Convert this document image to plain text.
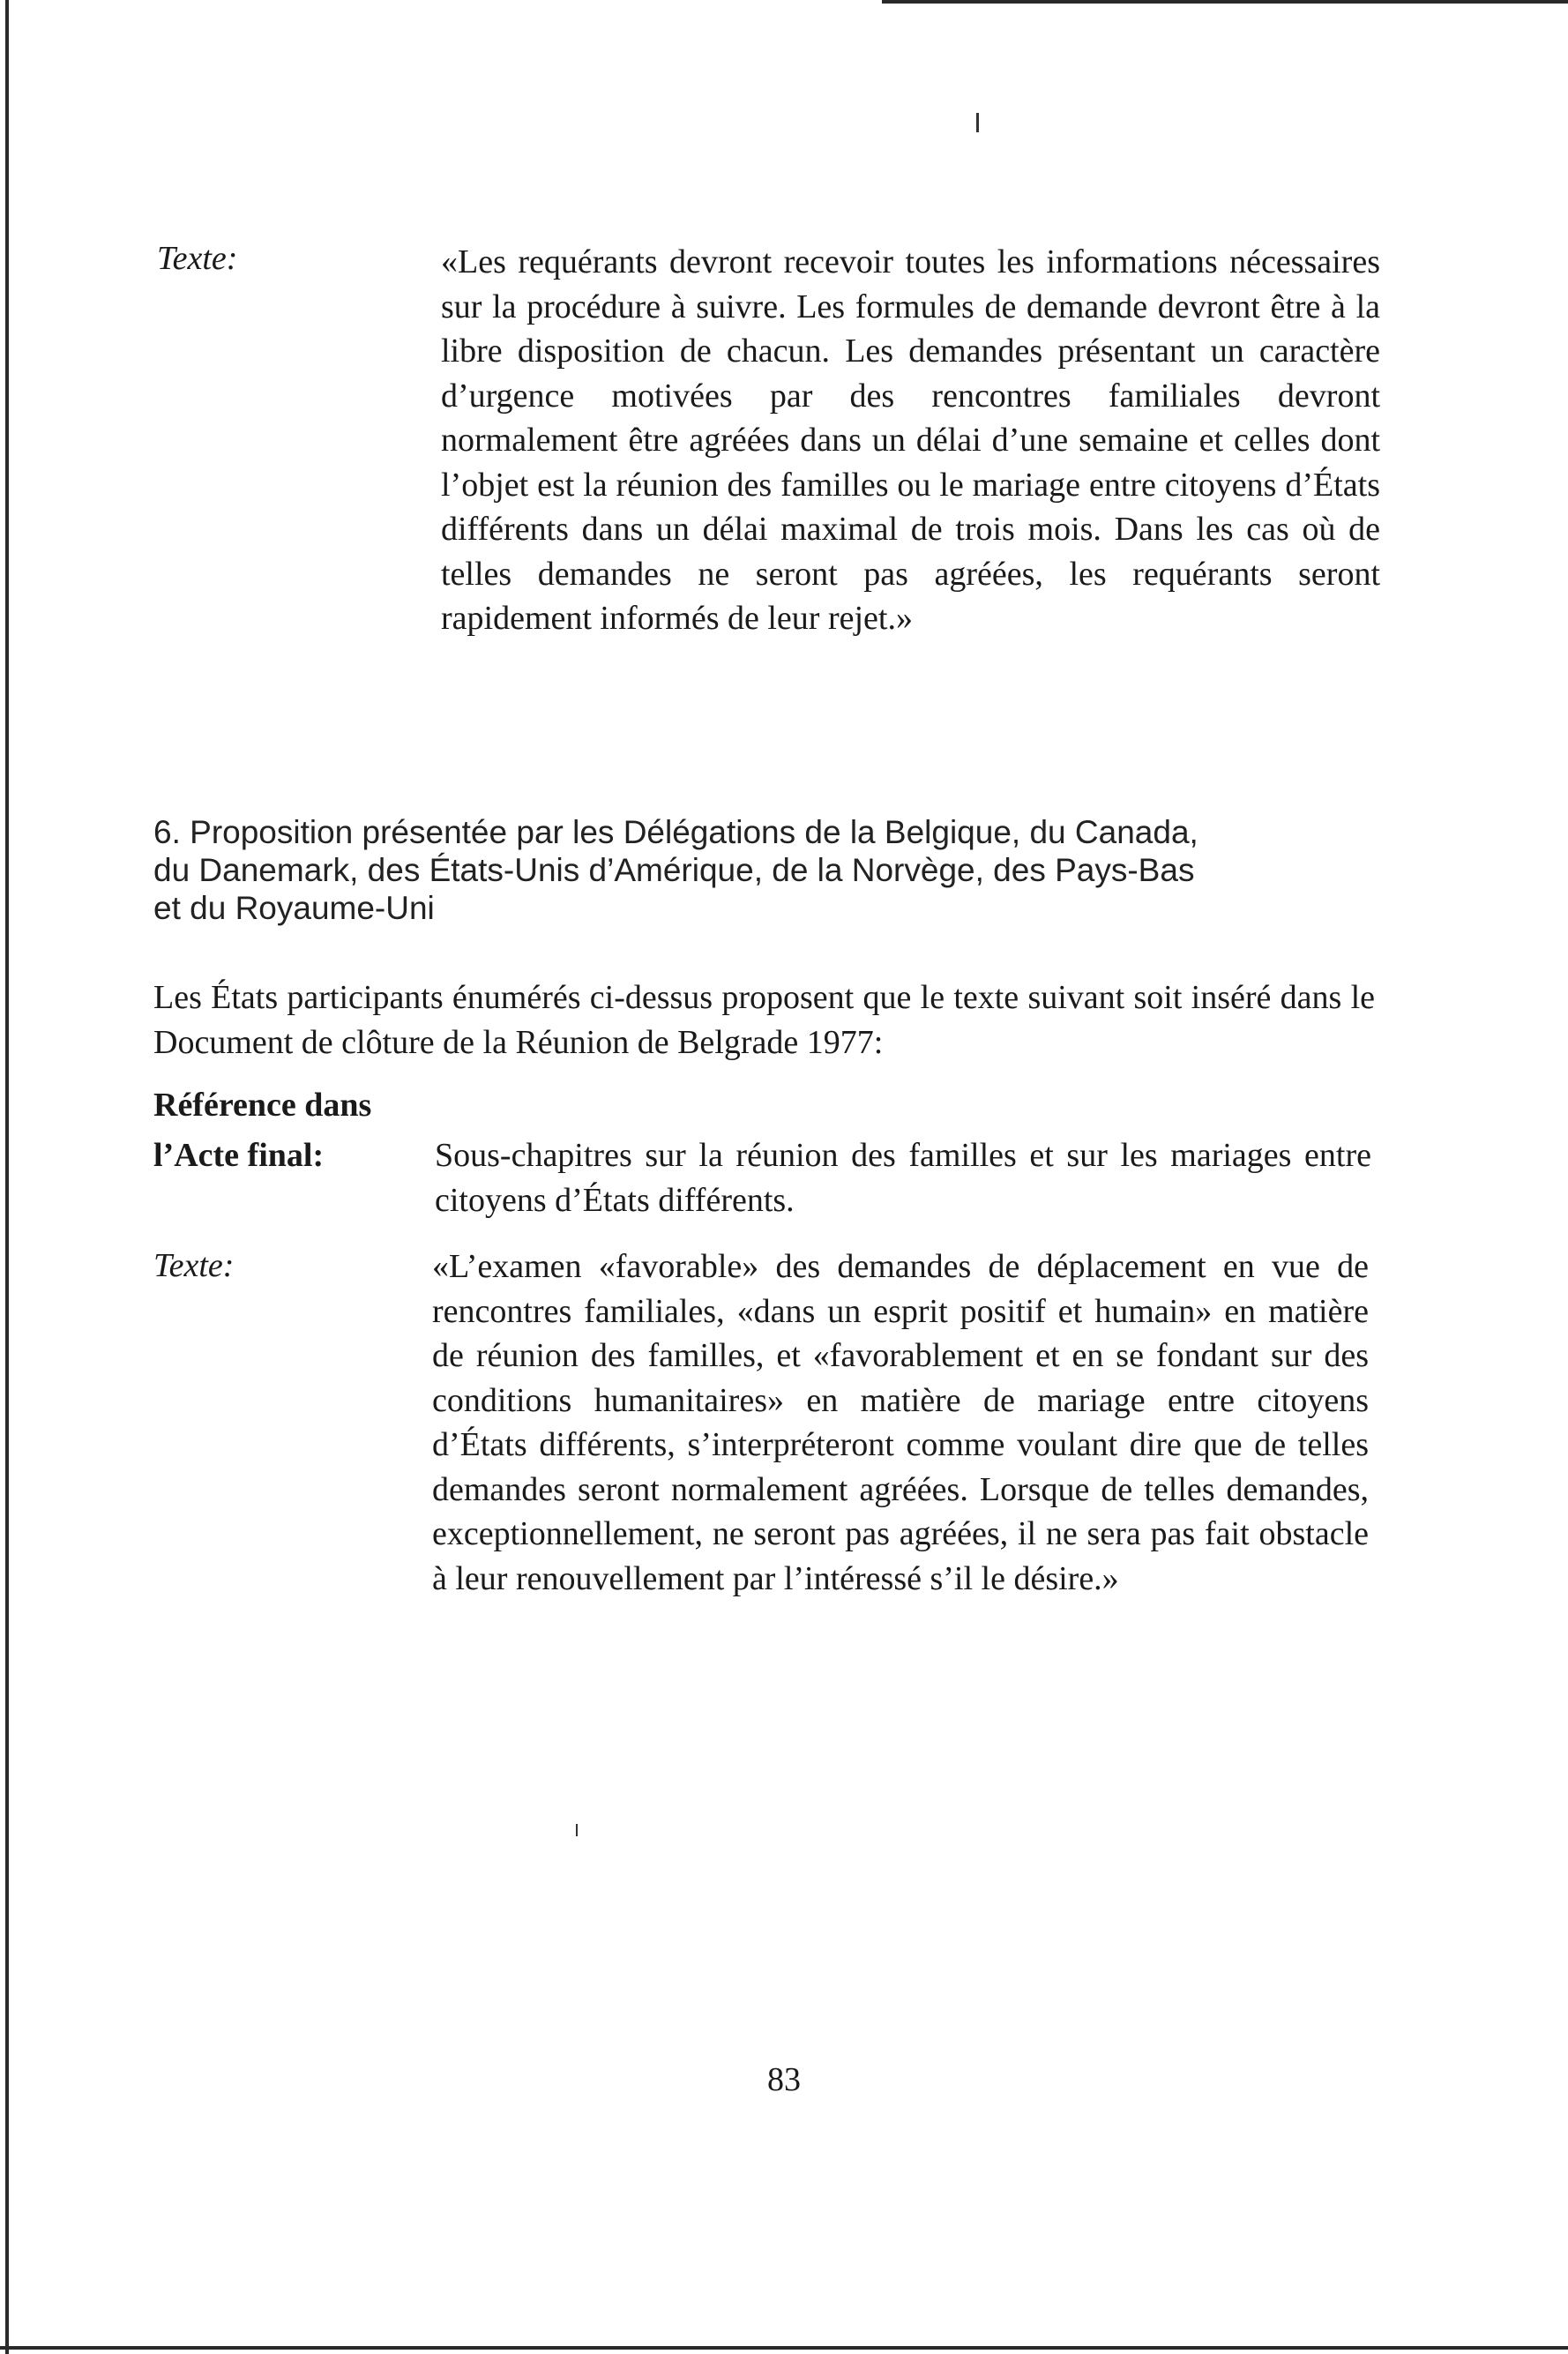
Texte:	«Les requérants devront recevoir toutes les informations nécessaires sur la procédure à suivre. Les formules de demande devront être à la libre disposition de chacun. Les demandes présentant un caractère d’urgence motivées par des rencontres familiales devront normalement être agréées dans un délai d’une semaine et celles dont l’objet est la réunion des familles ou le mariage entre citoyens d’États différents dans un délai maximal de trois mois. Dans les cas où de telles demandes ne seront pas agréées, les requérants seront rapidement informés de leur rejet.»
6. Proposition présentée par les Délégations de la Belgique, du Canada,
du Danemark, des États-Unis d’Amérique, de la Norvège, des Pays-Bas
et du Royaume-Uni
Les États participants énumérés ci-dessus proposent que le texte suivant soit inséré dans le Document de clôture de la Réunion de Belgrade 1977:
Référence dans
l’Acte final:	Sous-chapitres sur la réunion des familles et sur les mariages entre citoyens d’États différents.
Texte:	«L’examen «favorable» des demandes de déplacement en vue de rencontres familiales, «dans un esprit positif et humain» en matière de réunion des familles, et «favorablement et en se fondant sur des conditions humanitaires» en matière de mariage entre citoyens d’États différents, s’interpréteront comme voulant dire que de telles demandes seront normalement agréées. Lorsque de telles demandes, exceptionnellement, ne seront pas agréées, il ne sera pas fait obstacle à leur renouvellement par l’intéressé s’il le désire.»
83
